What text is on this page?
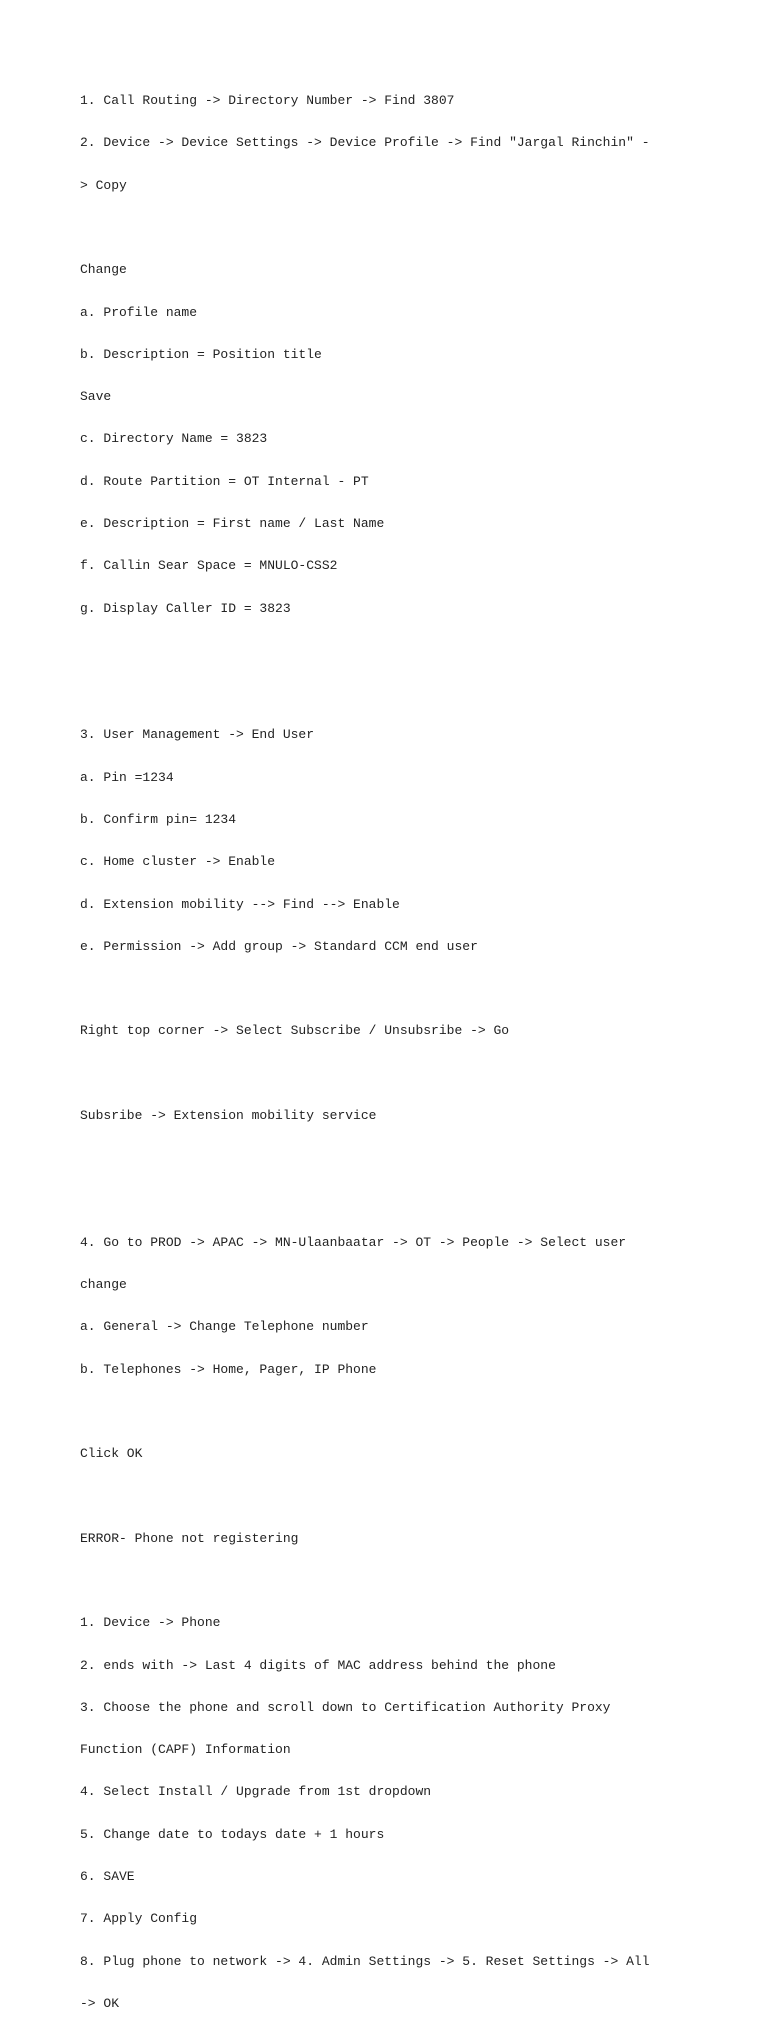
1. Call Routing -> Directory Number -> Find 3807

2. Device -> Device Settings -> Device Profile -> Find "Jargal Rinchin" -

> Copy

Change

a. Profile name

b. Description = Position title

Save

c. Directory Name = 3823

d. Route Partition = OT Internal - PT

e. Description = First name / Last Name

f. Callin Sear Space = MNULO-CSS2

g. Display Caller ID = 3823

3. User Management -> End User

a. Pin =1234

b. Confirm pin= 1234

c. Home cluster -> Enable

d. Extension mobility --> Find --> Enable

e. Permission -> Add group -> Standard CCM end user

Right top corner -> Select Subscribe / Unsubsribe -> Go

Subsribe -> Extension mobility service

4. Go to PROD -> APAC -> MN-Ulaanbaatar -> OT -> People -> Select user

change

a. General -> Change Telephone number

b. Telephones -> Home, Pager, IP Phone

Click OK

ERROR- Phone not registering

1. Device -> Phone

2. ends with -> Last 4 digits of MAC address behind the phone

3. Choose the phone and scroll down to Certification Authority Proxy

Function (CAPF) Information

4. Select Install / Upgrade from 1st dropdown

5. Change date to todays date + 1 hours

6. SAVE

7. Apply Config

8. Plug phone to network -> 4. Admin Settings -> 5. Reset Settings -> All

-> OK
